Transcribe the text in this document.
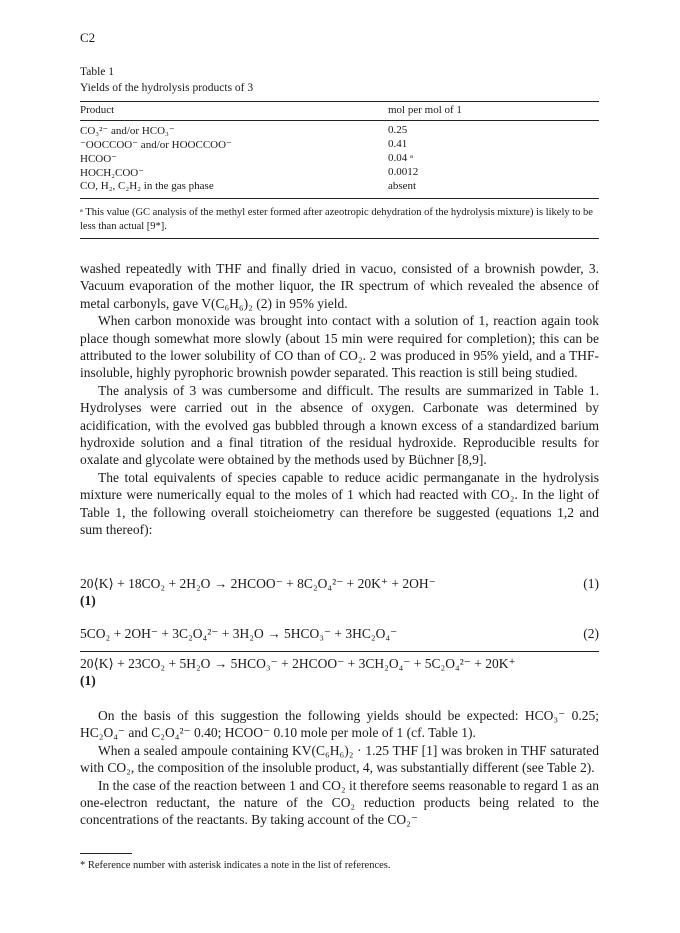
C2
Table 1
Yields of the hydrolysis products of 3
Product	mol per mol of 1
CO₃²⁻ and/or HCO₃⁻	0.25
⁻OOCCOO⁻ and/or HOOCCOO⁻	0.41
HCOO⁻	0.04 ᵃ
HOCH₂COO⁻	0.0012
CO, H₂, C₂H₂ in the gas phase	absent
ᵃ This value (GC analysis of the methyl ester formed after azeotropic dehydration of the hydrolysis mixture) is likely to be less than actual [9*].

washed repeatedly with THF and finally dried in vacuo, consisted of a brownish powder, 3. Vacuum evaporation of the mother liquor, the IR spectrum of which revealed the absence of metal carbonyls, gave V(C₆H₆)₂ (2) in 95% yield.

When carbon monoxide was brought into contact with a solution of 1, reaction again took place though somewhat more slowly (about 15 min were required for completion); this can be attributed to the lower solubility of CO than of CO₂. 2 was produced in 95% yield, and a THF-insoluble, highly pyrophoric brownish powder separated. This reaction is still being studied.

The analysis of 3 was cumbersome and difficult. The results are summarized in Table 1. Hydrolyses were carried out in the absence of oxygen. Carbonate was determined by acidification, with the evolved gas bubbled through a known excess of a standardized barium hydroxide solution and a final titration of the residual hydroxide. Reproducible results for oxalate and glycolate were obtained by the methods used by Büchner [8,9].

The total equivalents of species capable to reduce acidic permanganate in the hydrolysis mixture were numerically equal to the moles of 1 which had reacted with CO₂. In the light of Table 1, the following overall stoicheiometry can therefore be suggested (equations 1,2 and sum thereof):

20⟨K⟩ + 18CO₂ + 2H₂O → 2HCOO⁻ + 8C₂O₄²⁻ + 20K⁺ + 2OH⁻	(1)
(1)
5CO₂ + 2OH⁻ + 3C₂O₄²⁻ + 3H₂O → 5HCO₃⁻ + 3HC₂O₄⁻	(2)
20⟨K⟩ + 23CO₂ + 5H₂O → 5HCO₃⁻ + 2HCOO⁻ + 3CH₂O₄⁻ + 5C₂O₄²⁻ + 20K⁺
(1)

On the basis of this suggestion the following yields should be expected: HCO₃⁻ 0.25; HC₂O₄⁻ and C₂O₄²⁻ 0.40; HCOO⁻ 0.10 mole per mole of 1 (cf. Table 1).

When a sealed ampoule containing KV(C₆H₆)₂ · 1.25 THF [1] was broken in THF saturated with CO₂, the composition of the insoluble product, 4, was substantially different (see Table 2).

In the case of the reaction between 1 and CO₂ it therefore seems reasonable to regard 1 as an one-electron reductant, the nature of the CO₂ reduction products being related to the concentrations of the reactants. By taking account of the CO₂⁻

* Reference number with asterisk indicates a note in the list of references.
